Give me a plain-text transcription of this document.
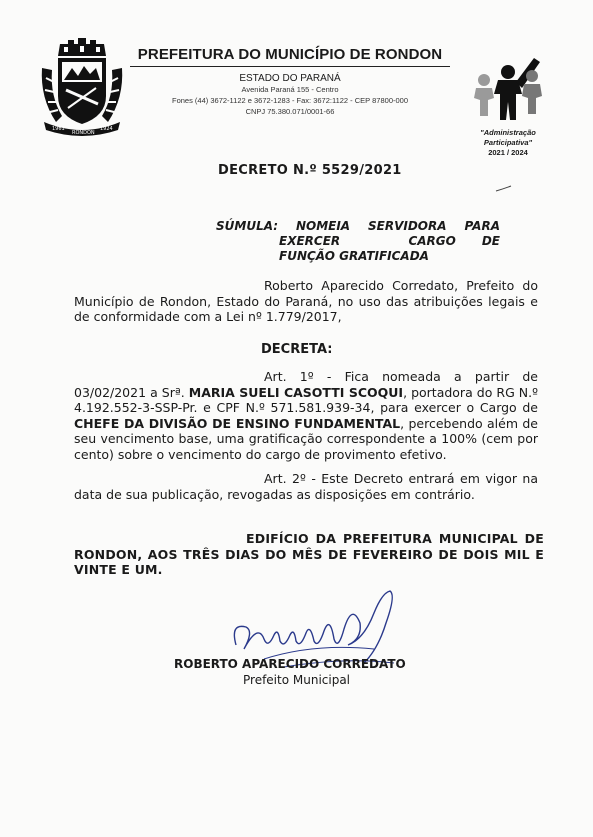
1961
RONDON
1924
PREFEITURA DO MUNICÍPIO DE RONDON
ESTADO DO PARANÁ
Avenida Paraná 155 - Centro
Fones (44) 3672-1122 e 3672-1283 - Fax: 3672:1122 - CEP 87800-000
CNPJ 75.380.071/0001-66
"Administração Participativa"
2021 / 2024
DECRETO N.º 5529/2021
SÚMULA: NOMEIA SERVIDORA PARA
EXERCER	CARGO DE
FUNÇÃO GRATIFICADA
Roberto Aparecido Corredato, Prefeito do Município de Rondon, Estado do Paraná, no uso das atribuições legais e de conformidade com a Lei nº 1.779/2017,
DECRETA:
Art. 1º - Fica nomeada a partir de 03/02/2021 a Srª. MARIA SUELI CASOTTI SCOQUI, portadora do RG N.º 4.192.552-3-SSP-Pr. e CPF N.º 571.581.939-34, para exercer o Cargo de CHEFE DA DIVISÃO DE ENSINO FUNDAMENTAL, percebendo além de seu vencimento base, uma gratificação correspondente a 100% (cem por cento) sobre o vencimento do cargo de provimento efetivo.
Art. 2º - Este Decreto entrará em vigor na data de sua publicação, revogadas as disposições em contrário.
EDIFÍCIO DA PREFEITURA MUNICIPAL DE RONDON, AOS TRÊS DIAS DO MÊS DE FEVEREIRO DE DOIS MIL E VINTE E UM.
ROBERTO APARECIDO CORREDATO
Prefeito Municipal
